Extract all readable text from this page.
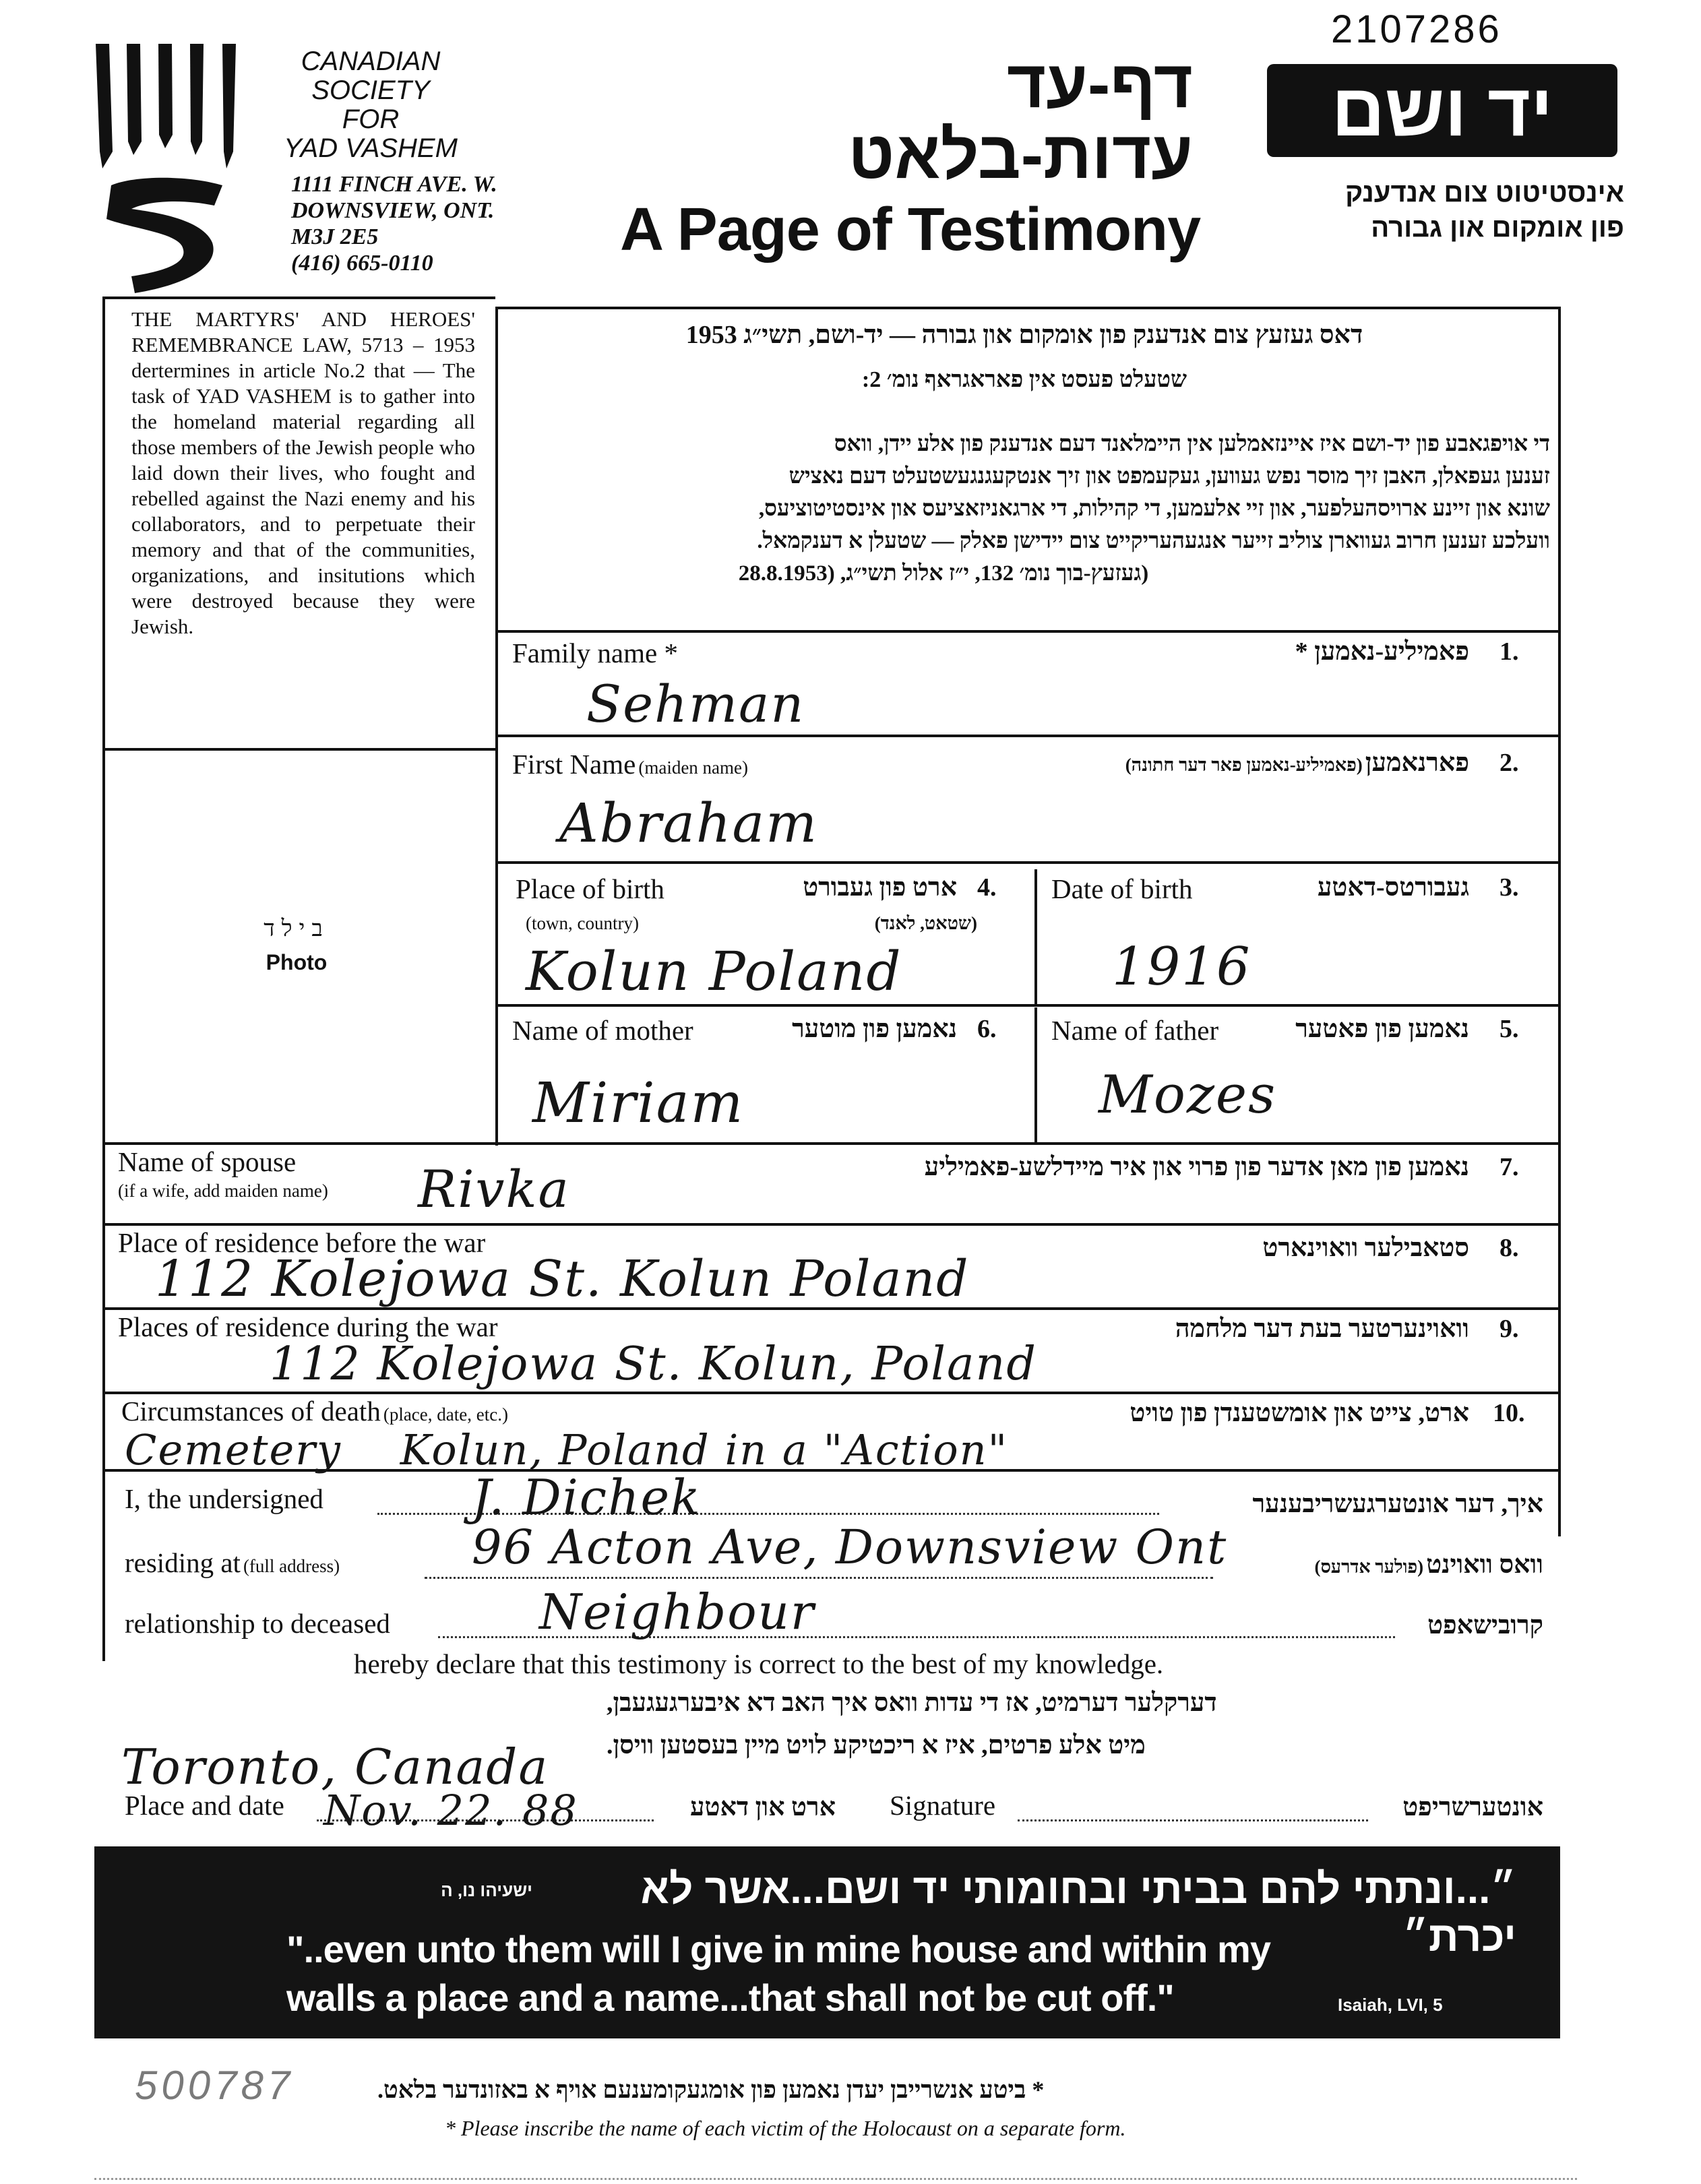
2107286
CANADIAN
SOCIETY
FOR
YAD VASHEM
1111 FINCH AVE. W.
DOWNSVIEW, ONT.
M3J 2E5
(416) 665-0110
דף-עד
עדות-בלאט
A Page of Testimony
יד ושם
אינסטיטוט צום אנדענק
פון אומקום און גבורה
THE MARTYRS' AND HEROES' REMEMBRANCE LAW, 5713 – 1953 dertermines in article No.2 that — The task of YAD VASHEM is to gather into the homeland material regarding all those members of the Jewish people who laid down their lives, who fought and rebelled against the Nazi enemy and his collaborators, and to perpetuate their memory and that of the communities, organizations, and insitutions which were destroyed because they were Jewish.
דאס געזעץ צום אנדענק פון אומקום און גבורה — יד-ושם, תשי״ג 1953
שטעלט פעסט אין פאראגראף נומ׳ 2:
די אויפגאבע פון יד-ושם איז איינזאמלען אין היימלאנד דעם אנדענק פון אלע יידן, וואס
זענען געפאלן, האבן זיך מוסר נפש געווען, געקעמפט און זיך אנטקעגנגעשטעלט דעם נאציש
שונא און זיינע ארויסהעלפער, און זיי אלעמען, די קהילות, די ארגאניזאציעס און אינסטיטוציעס,
וועלכע זענען חרוב געווארן צוליב זייער אנגעהעריקייט צום יידישן פאלק — שטעלן א דענקמאל.
(געזעץ-בוך נומ׳ 132, י״ז אלול תשי״ג, (28.8.1953
בילד
Photo
Family name *	פאמיליע-נאמען * 1.
Sehman
First Name (maiden name)	פארנאמען (פאמיליע-נאמען פאר דער חתונה)	2.
Abraham
Place of birth	ארט פון געבורט 4.
(town, country)	(שטאט, לאנד)
Kolun Poland
Date of birth	געבורטס-דאטע 3.
1916
Name of mother	נאמען פון מוטער 6.
Miriam
Name of father	נאמען פון פאטער 5.
Mozes
Name of spouse
(if a wife, add maiden name)
נאמען פון מאן אדער פון פרוי און איר מיידלשע-פאמיליע 7.
Rivka
Place of residence before the war	סטאבילער וואוינארט 8.
112 Kolejowa St. Kolun Poland
Places of residence during the war	וואוינערטער בעת דער מלחמה 9.
112 Kolejowa St. Kolun, Poland
Circumstances of death (place, date, etc.)	ארט, צייט און אומשטענדן פון טויט 10.
Cemetery    Kolun, Poland in a "Action"
I, the undersigned	J. Dichek	איך, דער אונטערגעשריבענער
residing at (full address)	96 Acton Ave, Downsview Ont	וואס וואוינט (פולער אדרעס)
relationship to deceased	Neighbour	קרובישאפט
hereby declare that this testimony is correct to the best of my knowledge.
דערקלער דערמיט, אז די עדות וואס איך האב דא איבערגעגעבן,
מיט אלע פרטים, איז א ריכטיקע לויט מיין בעסטען וויסן.
Toronto, Canada
Place and date Nov. 22. 88	ארט און דאטע Signature	אונטערשריפט
״...ונתתי להם בביתי ובחומותי יד ושם...אשר לא יכרת״
ישעיהו נו, ה
"..even unto them will I give in mine house and within my
walls a place and a name...that shall not be cut off."	Isaiah, LVI, 5
500787	* ביטע אנשרייבן יעדן נאמען פון אומגעקומענעם אויף א באזונדער בלאט.
* Please inscribe the name of each victim of the Holocaust on a separate form.
